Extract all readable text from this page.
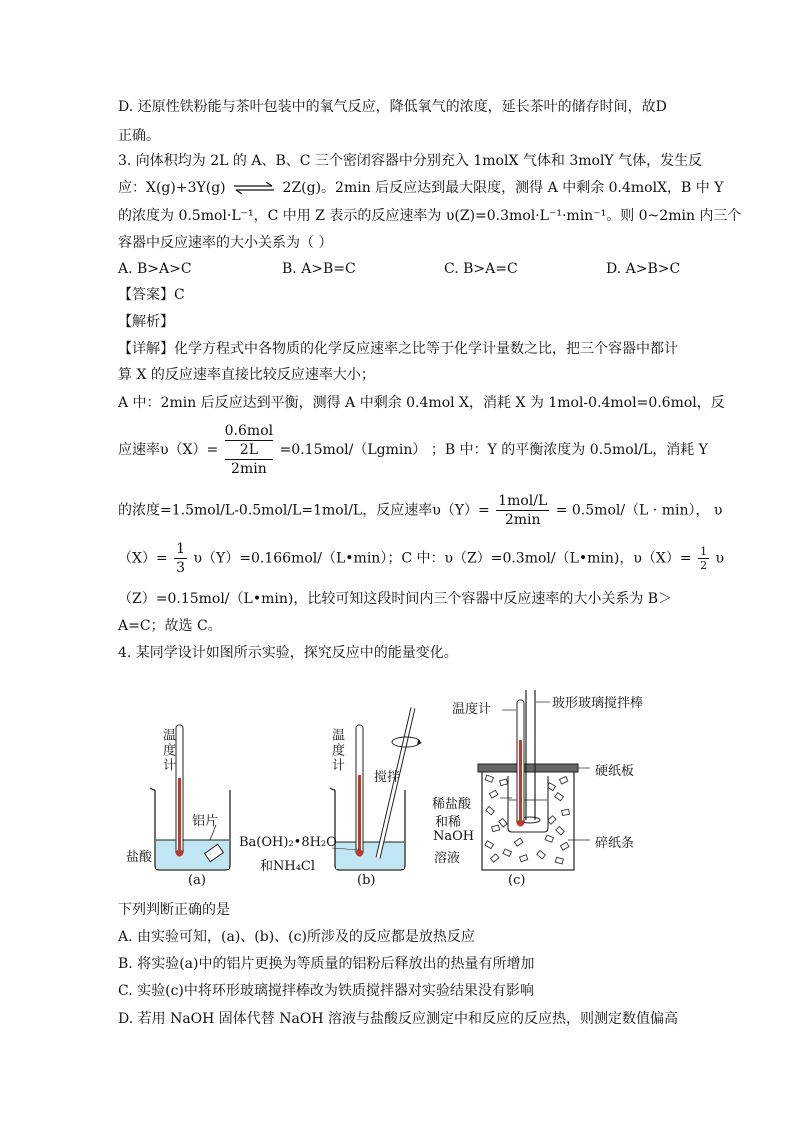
D. 还原性铁粉能与茶叶包装中的氧气反应，降低氧气的浓度，延长茶叶的储存时间，故D
正确。
3. 向体积均为 2L 的 A、B、C 三个密闭容器中分别充入 1molX 气体和 3molY 气体，发生反
应：X(g)+3Y(g) ⇌ 2Z(g)。2min 后反应达到最大限度，测得 A 中剩余 0.4molX，B 中 Y
的浓度为 0.5mol·L⁻¹，C 中用 Z 表示的反应速率为 υ(Z)=0.3mol·L⁻¹·min⁻¹。则 0~2min 内三个
容器中反应速率的大小关系为（ ）
A. B>A>C	B. A>B=C	C. B>A=C	D. A>B>C
【答案】C
【解析】
【详解】化学方程式中各物质的化学反应速率之比等于化学计量数之比，把三个容器中都计
算 X 的反应速率直接比较反应速率大小；
A 中：2min 后反应达到平衡，测得 A 中剩余 0.4mol X，消耗 X 为 1mol-0.4mol=0.6mol，反
应速率υ（X）=
0.6mol
2L
2min
=0.15mol/（Lgmin） ；B 中：Y 的平衡浓度为 0.5mol/L，消耗 Y
的浓度=1.5mol/L-0.5mol/L=1mol/L，反应速率$\upsilon(Y)= \frac{\text{1mol/L}}{2\min} = 0.5mol/(L \cdot \min)$， υ
$(X)= \frac{1}{3}$ υ（Y）=0.166mol/（L•min）；C 中：υ（Z）=0.3mol/（L•min)，$\upsilon(X)= \frac{1}{2}$ υ
（Z）=0.15mol/（L•min)，比较可知这段时间内三个容器中反应速率的大小关系为 B＞
A=C；故选 C。
4. 某同学设计如图所示实验，探究反应中的能量变化。
温度计
铝片
盐酸
(a)
温度计
搅拌
Ba(OH)₂•8H₂O
和NH₄Cl
(b)
温度计	玻形玻璃搅拌棒
硬纸板
稀盐酸
和稀
NaOH
溶液
碎纸条
(c)
下列判断正确的是
A. 由实验可知，(a)、(b)、(c)所涉及的反应都是放热反应
B. 将实验(a)中的铝片更换为等质量的铝粉后释放出的热量有所增加
C. 实验(c)中将环形玻璃搅拌棒改为铁质搅拌器对实验结果没有影响
D. 若用 NaOH 固体代替 NaOH 溶液与盐酸反应测定中和反应的反应热，则测定数值偏高
